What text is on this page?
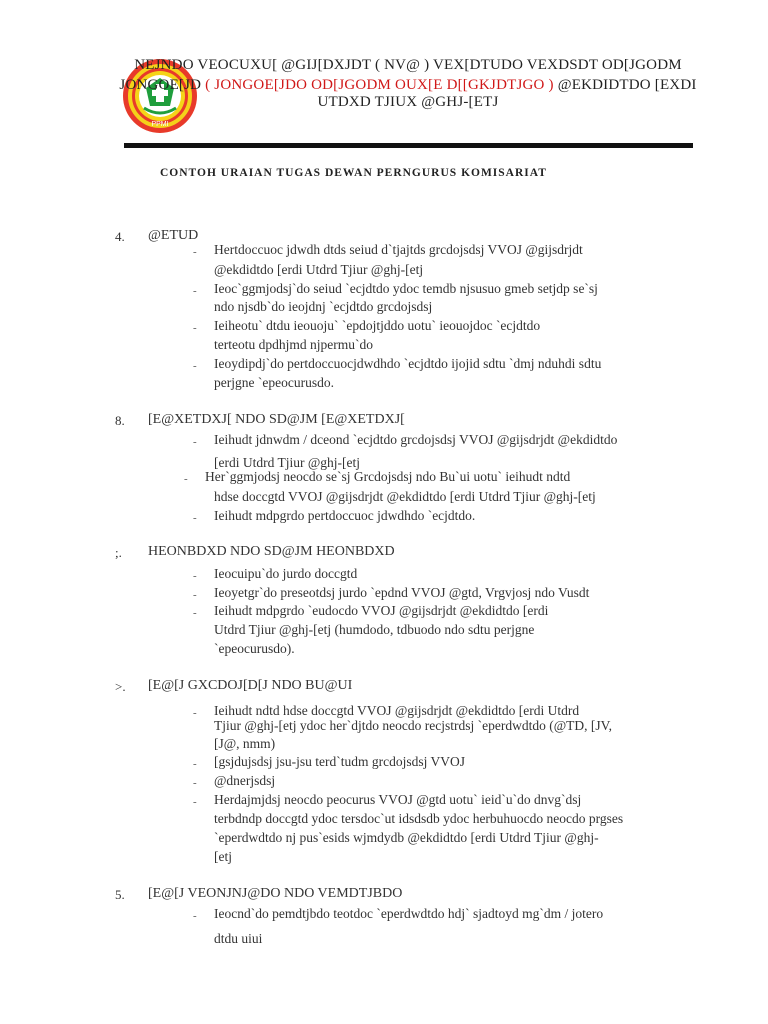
PPMI
NEJNDO VEOCUXU[ @GIJ[DXJDT ( NV@ ) VEX[DTUDO VEXDSDT OD[JGODM
JONGOE[JD ( JONGOE[JDO OD[JGODM OUX[E D[[GKJDTJGO ) @EKDIDTDO [EXDI
UTDXD TJIUX @GHJ-[ETJ
CONTOH URAIAN TUGAS DEWAN PERNGURUS KOMISARIAT
4. @ETUD
- Hertdoccuoc jdwdh dtds seiud d`tjajtds grcdojsdsj VVOJ @gijsdrjdt
@ekdidtdo [erdi Utdrd Tjiur @ghj-[etj
- Ieoc`ggmjodsj`do seiud `ecjdtdo ydoc temdb njsusuo gmeb setjdp se`sj
ndo njsdb`do ieojdnj `ecjdtdo grcdojsdsj
- Ieiheotu` dtdu ieouoju` `epdojtjddo uotu` ieouojdoc `ecjdtdo
terteotu dpdhjmd njpermu`do
- Ieoydipdj`do pertdoccuocjdwdhdo `ecjdtdo ijojid sdtu `dmj nduhdi sdtu
perjgne `epeocurusdo.
8. [E@XETDXJ[ NDO SD@JM [E@XETDXJ[
- Ieihudt jdnwdm / dceond `ecjdtdo grcdojsdsj VVOJ @gijsdrjdt @ekdidtdo
[erdi Utdrd Tjiur @ghj-[etj
- Her`ggmjodsj neocdo se`sj Grcdojsdsj ndo Bu`ui uotu` ieihudt ndtd
hdse doccgtd VVOJ @gijsdrjdt @ekdidtdo [erdi Utdrd Tjiur @ghj-[etj
- Ieihudt mdpgrdo pertdoccuoc jdwdhdo `ecjdtdo.
;. HEONBDXD NDO SD@JM HEONBDXD
- Ieocuipu`do jurdo doccgtd
- Ieoyetgr`do preseotdsj jurdo `epdnd VVOJ @gtd, Vrgvjosj ndo Vusdt
- Ieihudt mdpgrdo `eudocdo VVOJ @gijsdrjdt @ekdidtdo [erdi
Utdrd Tjiur @ghj-[etj (humdodo, tdbuodo ndo sdtu perjgne
`epeocurusdo).
>. [E@[J GXCDOJ[D[J NDO BU@UI
- Ieihudt ndtd hdse doccgtd VVOJ @gijsdrjdt @ekdidtdo [erdi Utdrd
Tjiur @ghj-[etj ydoc her`djtdo neocdo recjstrdsj `eperdwdtdo (@TD, [JV,
[J@, nmm)
- [gsjdujsdsj jsu-jsu terd`tudm grcdojsdsj VVOJ
- @dnerjsdsj
- Herdajmjdsj neocdo peocurus VVOJ @gtd uotu` ieid`u`do dnvg`dsj
terbdndp doccgtd ydoc tersdoc`ut idsdsdb ydoc herbuhuocdo neocdo prgses
`eperdwdtdo nj pus`esids wjmdydb @ekdidtdo [erdi Utdrd Tjiur @ghj-
[etj
5. [E@[J VEONJNJ@DO NDO VEMDTJBDO
- Ieocnd`do pemdtjbdo teotdoc `eperdwdtdo hdj` sjadtoyd mg`dm / jotero
dtdu uiui
